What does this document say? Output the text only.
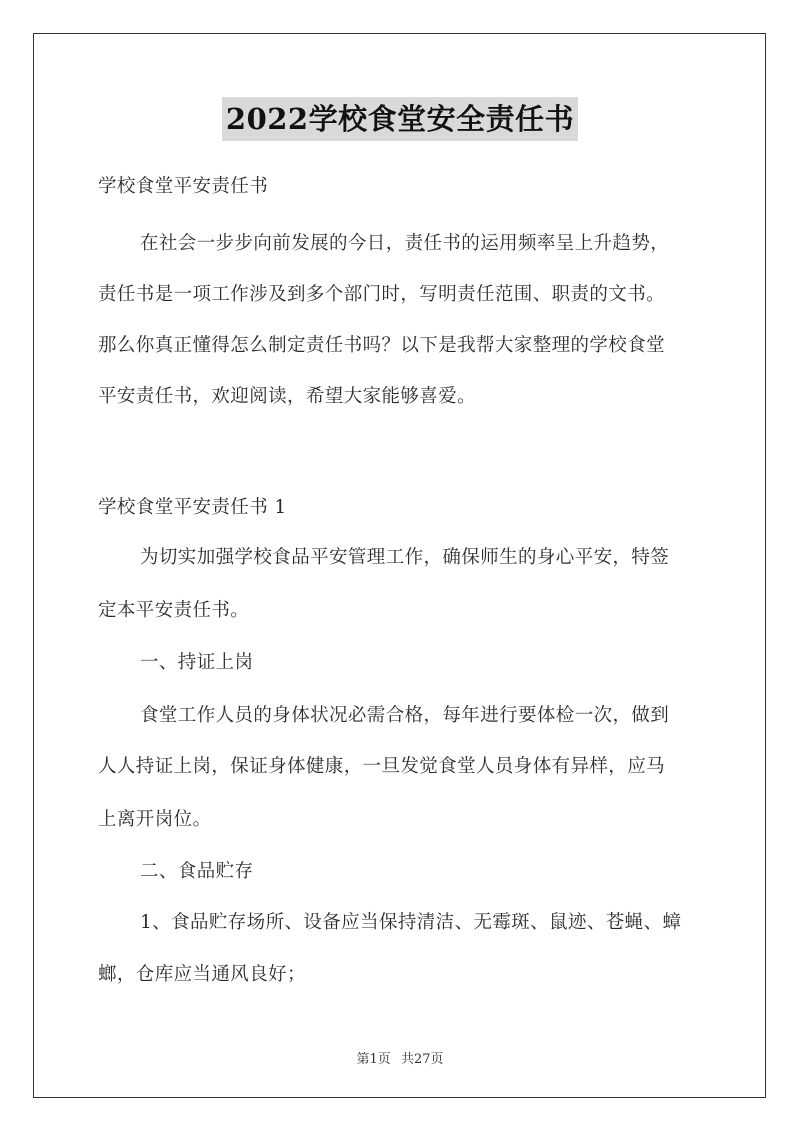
2022学校食堂安全责任书
学校食堂平安责任书
在社会一步步向前发展的今日，责任书的运用频率呈上升趋势，
责任书是一项工作涉及到多个部门时，写明责任范围、职责的文书。
那么你真正懂得怎么制定责任书吗？以下是我帮大家整理的学校食堂
平安责任书，欢迎阅读，希望大家能够喜爱。
学校食堂平安责任书 1
为切实加强学校食品平安管理工作，确保师生的身心平安，特签
定本平安责任书。
一、持证上岗
食堂工作人员的身体状况必需合格，每年进行要体检一次，做到
人人持证上岗，保证身体健康，一旦发觉食堂人员身体有异样，应马
上离开岗位。
二、食品贮存
1、食品贮存场所、设备应当保持清洁、无霉斑、鼠迹、苍蝇、蟑
螂，仓库应当通风良好；
第1页 共27页
